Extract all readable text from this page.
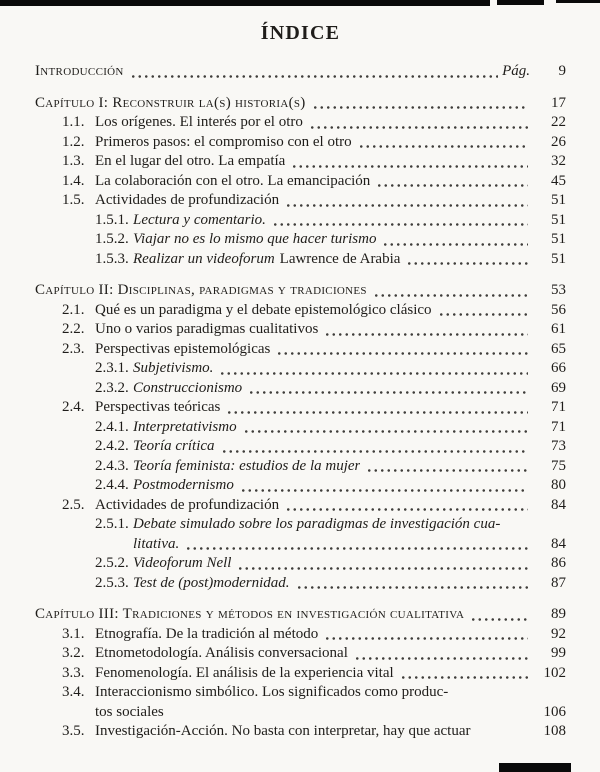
ÍNDICE
Introducción	Pág.	9
Capítulo I: Reconstruir la(s) historia(s)	17
1.1. Los orígenes. El interés por el otro	22
1.2. Primeros pasos: el compromiso con el otro	26
1.3. En el lugar del otro. La empatía	32
1.4. La colaboración con el otro. La emancipación	45
1.5. Actividades de profundización	51
1.5.1. Lectura y comentario.	51
1.5.2. Viajar no es lo mismo que hacer turismo	51
1.5.3. Realizar un videoforum Lawrence de Arabia	51
Capítulo II: Disciplinas, paradigmas y tradiciones	53
2.1. Qué es un paradigma y el debate epistemológico clásico	56
2.2. Uno o varios paradigmas cualitativos	61
2.3. Perspectivas epistemológicas	65
2.3.1. Subjetivismo.	66
2.3.2. Construccionismo	69
2.4. Perspectivas teóricas	71
2.4.1. Interpretativismo	71
2.4.2. Teoría crítica	73
2.4.3. Teoría feminista: estudios de la mujer	75
2.4.4. Postmodernismo	80
2.5. Actividades de profundización	84
2.5.1. Debate simulado sobre los paradigmas de investigación cua-
litativa.	84
2.5.2. Videoforum Nell	86
2.5.3. Test de (post)modernidad.	87
Capítulo III: Tradiciones y métodos en investigación cualitativa	89
3.1. Etnografía. De la tradición al método	92
3.2. Etnometodología. Análisis conversacional	99
3.3. Fenomenología. El análisis de la experiencia vital	102
3.4. Interaccionismo simbólico. Los significados como produc-
tos sociales	106
3.5. Investigación-Acción. No basta con interpretar, hay que actuar	108
